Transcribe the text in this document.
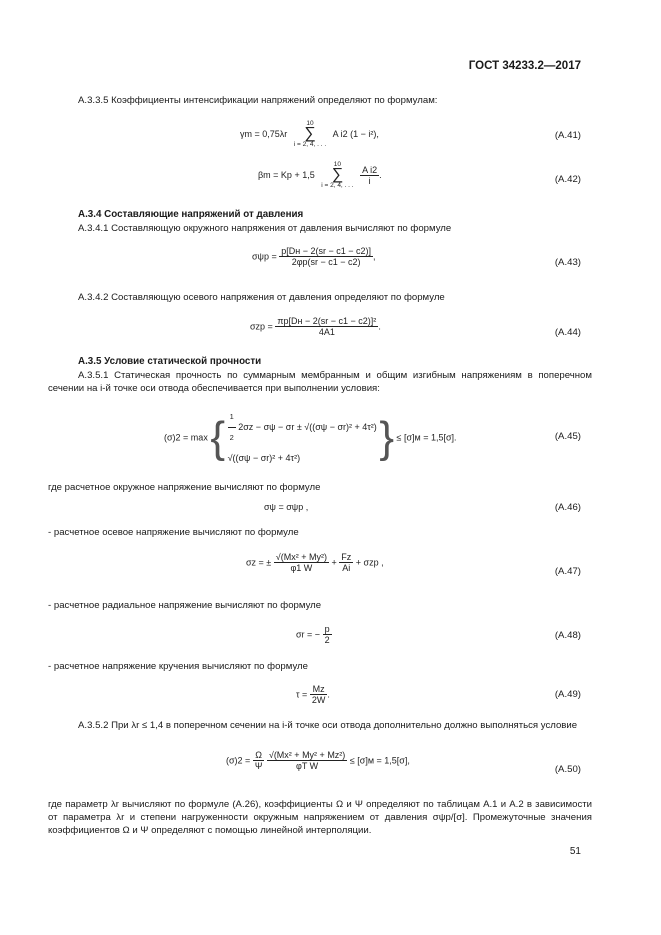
ГОСТ 34233.2—2017
А.3.3.5 Коэффициенты интенсификации напряжений определяют по формулам:
γm = 0,75λr
10
∑
i = 2, 4, . . .
A i2 (1 − i²),	(А.41)
βm = Kp + 1,5
10
∑
i = 2, 4, . . .
$\frac{\text{A i2}}{i}$ .	(А.42)
А.3.4 Составляющие напряжений от давления
А.3.4.1 Составляющую окружного напряжения от давления вычисляют по формуле
$\sigma\psi p = \frac{p[Dн - 2(sr - c1 - c2)]}{2\varphi p(sr - c1 - c2)}$ ,
(А.43)
А.3.4.2 Составляющую осевого напряжения от давления определяют по формуле
$\sigma zp = \frac{\text{πp[Dн − 2(sr − c1 − c2)]²}}{4A1}$ .
(А.44)
А.3.5 Условие статической прочности
А.3.5.1 Статическая прочность по суммарным мембранным и общим изгибным напряжениям в поперечном сечении на i-й точке оси отвода обеспечивается при выполнении условия:
(σ)2 = max { $\frac{1}{2} 2\sigma z - \sigma\psi - \sigma r \pm √((\sigma\psi - \sigma r)^2 + 4\tau^2)$
√((σψ − σr)² + 4τ²)	} ≤ [σ]м = 1,5[σ].	(А.45)
где расчетное окружное напряжение вычисляют по формуле
σψ = σψp ,	(А.46)
- расчетное осевое напряжение вычисляют по формуле
σz = ± $\frac{\text{√(Mx² + My²)}}{\varphi 1 W} + \frac{Fz}{Ai} + \sigma zp$ ,
(А.47)
- расчетное радиальное напряжение вычисляют по формуле
σr = − $\frac{p}{2}$	(А.48)
- расчетное напряжение кручения вычисляют по формуле
$\tau = \frac{Mz}{2W}$ .	(А.49)
А.3.5.2 При λr ≤ 1,4 в поперечном сечении на i-й точке оси отвода дополнительно должно выполняться условие
$(\sigma)2 = \frac{\Omega}{\Psi}$
$\frac{\text{√(Mx² + My² + Mz²)}}{\text{φT W}} \le [\sigma]м = 1,5[\sigma]$,
(А.50)
где параметр λr вычисляют по формуле (А.26), коэффициенты Ω и Ψ определяют по таблицам А.1 и А.2 в зависимости от параметра λr и степени нагруженности окружным напряжением от давления σψp/[σ]. Промежуточные значения коэффициентов Ω и Ψ определяют с помощью линейной интерполяции.
51
